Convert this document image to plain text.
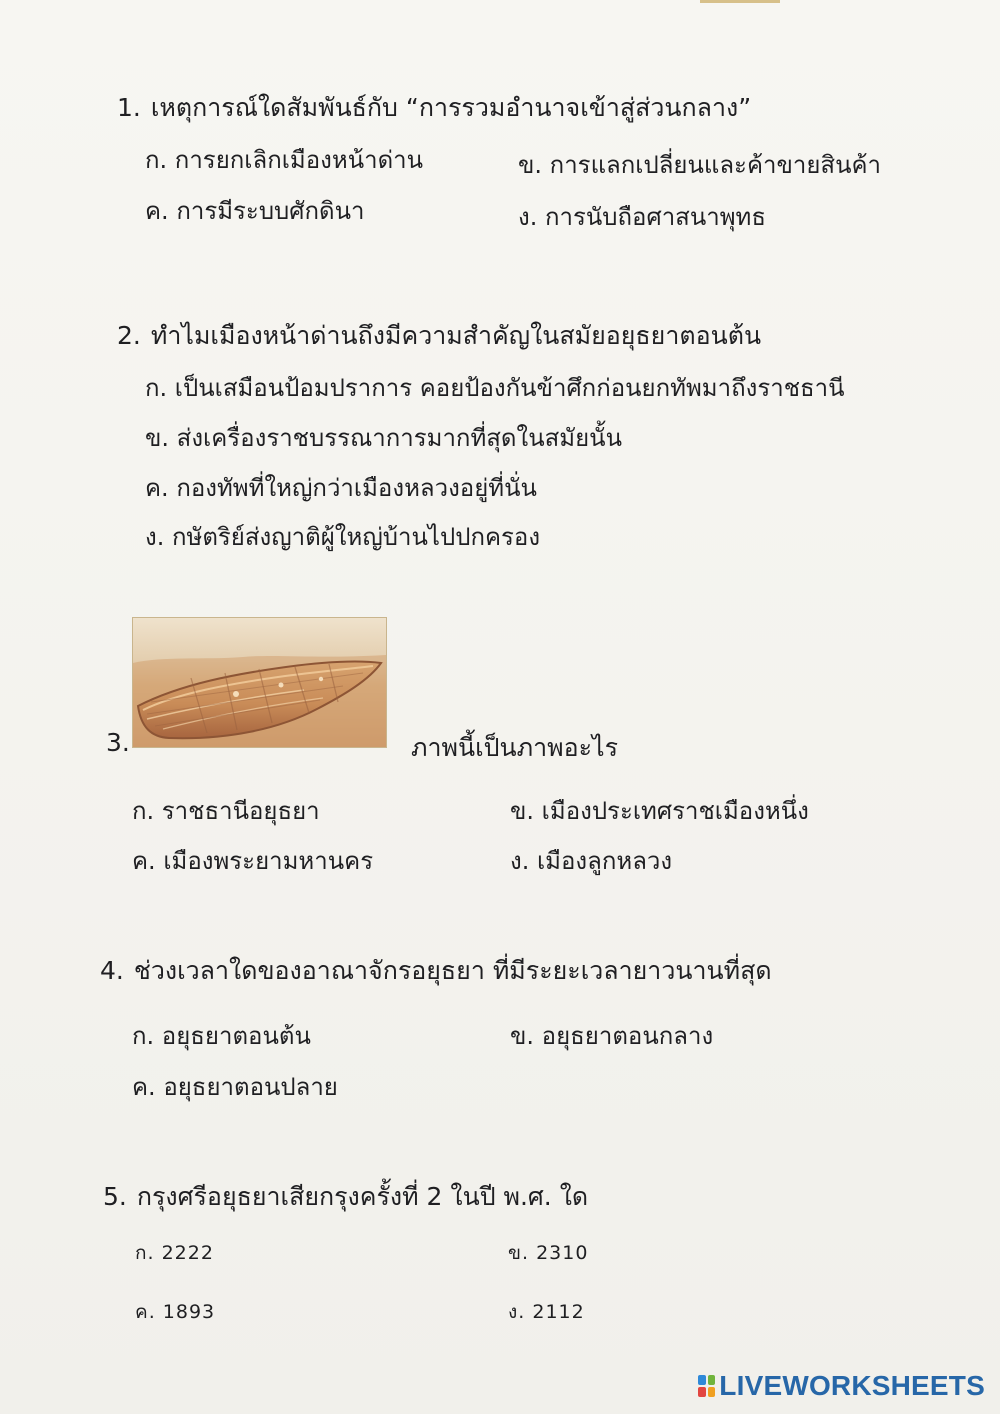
1. เหตุการณ์ใดสัมพันธ์กับ “การรวมอำนาจเข้าสู่ส่วนกลาง”
ก. การยกเลิกเมืองหน้าด่าน	ข. การแลกเปลี่ยนและค้าขายสินค้า
ค. การมีระบบศักดินา	ง. การนับถือศาสนาพุทธ
2. ทำไมเมืองหน้าด่านถึงมีความสำคัญในสมัยอยุธยาตอนต้น
ก. เป็นเสมือนป้อมปราการ คอยป้องกันข้าศึกก่อนยกทัพมาถึงราชธานี
ข. ส่งเครื่องราชบรรณาการมากที่สุดในสมัยนั้น
ค. กองทัพที่ใหญ่กว่าเมืองหลวงอยู่ที่นั่น
ง. กษัตริย์ส่งญาติผู้ใหญ่บ้านไปปกครอง
3.	ภาพนี้เป็นภาพอะไร
ก. ราชธานีอยุธยา	ข. เมืองประเทศราชเมืองหนึ่ง
ค. เมืองพระยามหานคร	ง. เมืองลูกหลวง
4. ช่วงเวลาใดของอาณาจักรอยุธยา ที่มีระยะเวลายาวนานที่สุด
ก. อยุธยาตอนต้น	ข. อยุธยาตอนกลาง
ค. อยุธยาตอนปลาย
5. กรุงศรีอยุธยาเสียกรุงครั้งที่ 2 ในปี พ.ศ. ใด
ก. 2222	ข. 2310
ค. 1893	ง. 2112
LIVEWORKSHEETS
